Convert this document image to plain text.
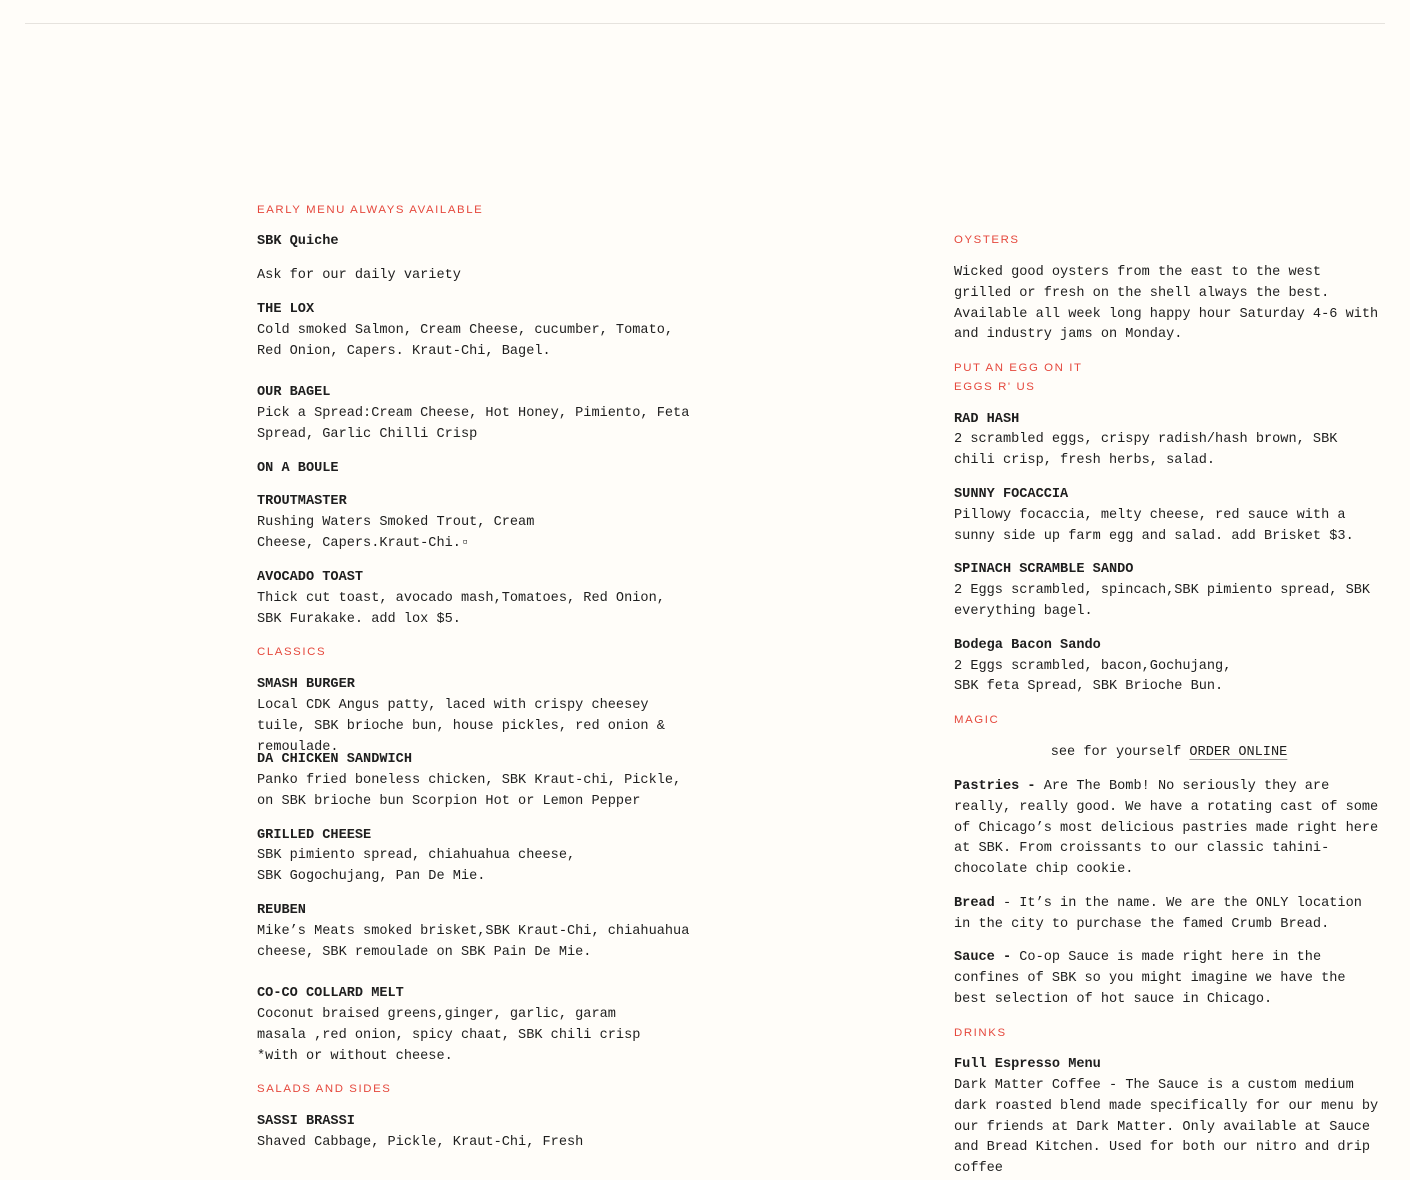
EARLY MENU ALWAYS AVAILABLE
SBK Quiche
Ask for our daily variety
THE LOX
Cold smoked Salmon, Cream Cheese, cucumber, Tomato, Red Onion, Capers. Kraut-Chi, Bagel.
OUR BAGEL
Pick a Spread:Cream Cheese, Hot Honey, Pimiento, Feta Spread, Garlic Chilli Crisp
ON A BOULE
TROUTMASTER
Rushing Waters Smoked Trout, Cream Cheese, Capers.Kraut-Chi.▫
AVOCADO TOAST
Thick cut toast, avocado mash,Tomatoes, Red Onion, SBK Furakake. add lox $5.
CLASSICS
SMASH BURGER
Local CDK Angus patty, laced with crispy cheesey tuile, SBK brioche bun, house pickles, red onion & remoulade.
DA CHICKEN SANDWICH
Panko fried boneless chicken, SBK Kraut-chi, Pickle, on SBK brioche bun Scorpion Hot or Lemon Pepper
GRILLED CHEESE
SBK pimiento spread, chiahuahua cheese, SBK Gogochujang, Pan De Mie.
REUBEN
Mike’s Meats smoked brisket,SBK Kraut-Chi, chiahuahua cheese, SBK remoulade on SBK Pain De Mie.
CO-CO COLLARD MELT
Coconut braised greens,ginger, garlic, garam masala ,red onion, spicy chaat, SBK chili crisp *with or without cheese.
SALADS AND SIDES
SASSI BRASSI
Shaved Cabbage, Pickle, Kraut-Chi, Fresh
OYSTERS
Wicked good oysters from the east to the west grilled or fresh on the shell always the best. Available all week long happy hour Saturday 4-6 with and industry jams on Monday.
PUT AN EGG ON IT
EGGS R' US
RAD HASH
2 scrambled eggs, crispy radish/hash brown, SBK chili crisp, fresh herbs, salad.
SUNNY FOCACCIA
Pillowy focaccia, melty cheese, red sauce with a sunny side up farm egg and salad. add Brisket $3.
SPINACH SCRAMBLE SANDO
2 Eggs scrambled, spincach,SBK pimiento spread, SBK everything bagel.
Bodega Bacon Sando
2 Eggs scrambled, bacon,Gochujang,
SBK feta Spread, SBK Brioche Bun.
MAGIC
see for yourself ORDER ONLINE
Pastries - Are The Bomb! No seriously they are really, really good. We have a rotating cast of some of Chicago’s most delicious pastries made right here at SBK. From croissants to our classic tahini-chocolate chip cookie.
Bread - It’s in the name. We are the ONLY location in the city to purchase the famed Crumb Bread.
Sauce - Co-op Sauce is made right here in the confines of SBK so you might imagine we have the best selection of hot sauce in Chicago.
DRINKS
Full Espresso Menu
Dark Matter Coffee - The Sauce is a custom medium dark roasted blend made specifically for our menu by our friends at Dark Matter. Only available at Sauce and Bread Kitchen. Used for both our nitro and drip coffee
